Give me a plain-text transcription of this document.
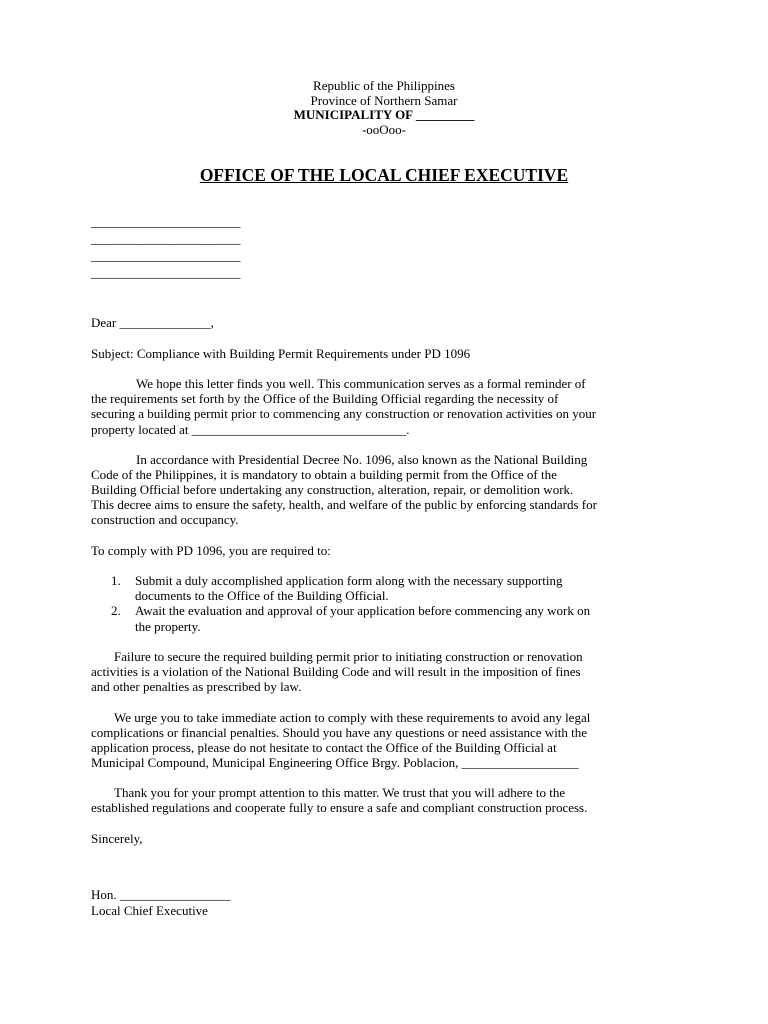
Republic of the Philippines
Province of Northern Samar
MUNICIPALITY OF _________
-ooOoo-
OFFICE OF THE LOCAL CHIEF EXECUTIVE
_______________________
_______________________
_______________________
_______________________
Dear ______________,
Subject: Compliance with Building Permit Requirements under PD 1096
We hope this letter finds you well. This communication serves as a formal reminder of
the requirements set forth by the Office of the Building Official regarding the necessity of
securing a building permit prior to commencing any construction or renovation activities on your
property located at _________________________________.
In accordance with Presidential Decree No. 1096, also known as the National Building
Code of the Philippines, it is mandatory to obtain a building permit from the Office of the
Building Official before undertaking any construction, alteration, repair, or demolition work.
This decree aims to ensure the safety, health, and welfare of the public by enforcing standards for
construction and occupancy.
To comply with PD 1096, you are required to:
1. Submit a duly accomplished application form along with the necessary supporting
documents to the Office of the Building Official.
2. Await the evaluation and approval of your application before commencing any work on
the property.
Failure to secure the required building permit prior to initiating construction or renovation
activities is a violation of the National Building Code and will result in the imposition of fines
and other penalties as prescribed by law.
We urge you to take immediate action to comply with these requirements to avoid any legal
complications or financial penalties. Should you have any questions or need assistance with the
application process, please do not hesitate to contact the Office of the Building Official at
Municipal Compound, Municipal Engineering Office Brgy. Poblacion, __________________
Thank you for your prompt attention to this matter. We trust that you will adhere to the
established regulations and cooperate fully to ensure a safe and compliant construction process.
Sincerely,
Hon. _________________
Local Chief Executive
